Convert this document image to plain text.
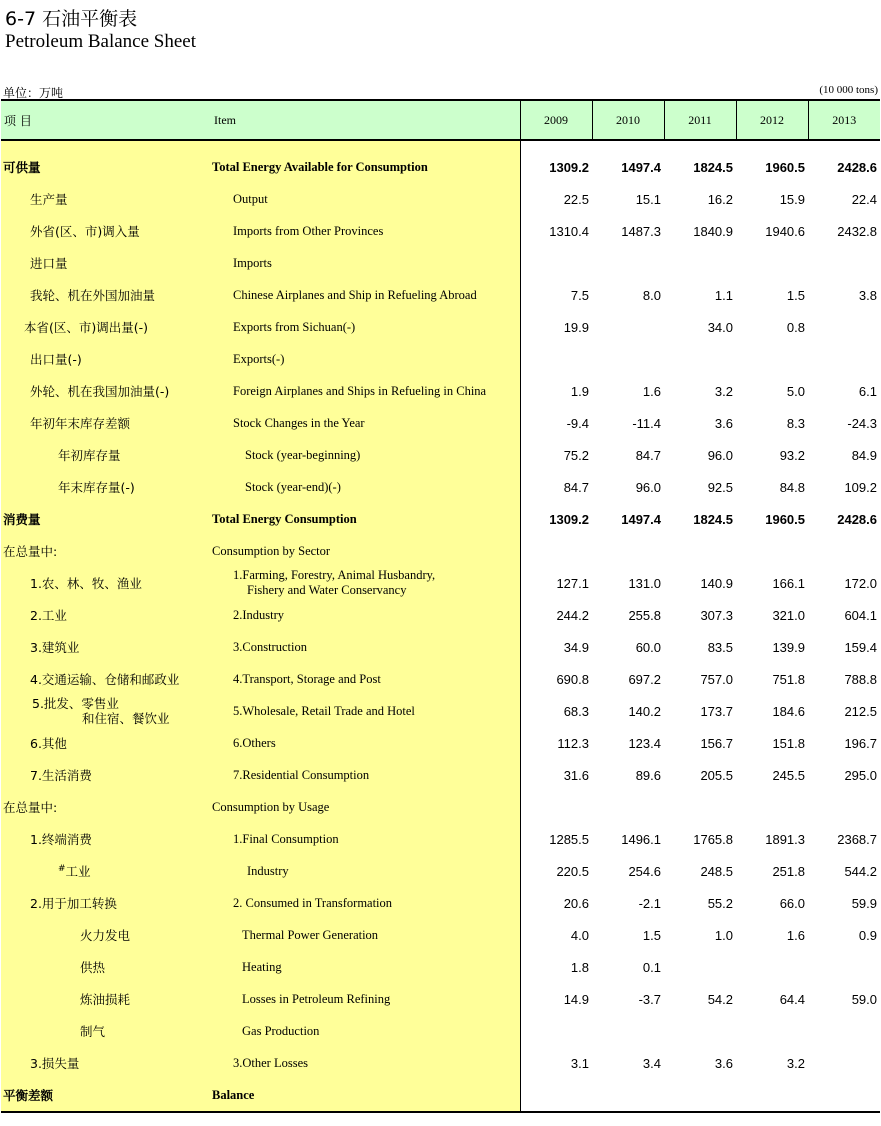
6-7 石油平衡表
Petroleum Balance Sheet
单位：万吨	(10 000 tons)
项 目	Item	2009	2010	2011	2012	2013

可供量	Total Energy Available for Consumption	1309.2	1497.4	1824.5	1960.5	2428.6
生产量	Output	22.5	15.1	16.2	15.9	22.4
外省(区、市)调入量	Imports from Other Provinces	1310.4	1487.3	1840.9	1940.6	2432.8
进口量	Imports					
我轮、机在外国加油量	Chinese Airplanes and Ship in Refueling Abroad	7.5	8.0	1.1	1.5	3.8
本省(区、市)调出量(-)	Exports from Sichuan(-)	19.9		34.0	0.8	
出口量(-)	Exports(-)					
外轮、机在我国加油量(-)	Foreign Airplanes and Ships in Refueling in China	1.9	1.6	3.2	5.0	6.1
年初年末库存差额	Stock Changes in the Year	-9.4	-11.4	3.6	8.3	-24.3
年初库存量	Stock (year-beginning)	75.2	84.7	96.0	93.2	84.9
年末库存量(-)	Stock (year-end)(-)	84.7	96.0	92.5	84.8	109.2
消费量	Total Energy Consumption	1309.2	1497.4	1824.5	1960.5	2428.6
在总量中:	Consumption by Sector					
1.农、林、牧、渔业	1.Farming, Forestry, Animal Husbandry,
Fishery and Water Conservancy	127.1	131.0	140.9	166.1	172.0
2.工业	2.Industry	244.2	255.8	307.3	321.0	604.1
3.建筑业	3.Construction	34.9	60.0	83.5	139.9	159.4
4.交通运输、仓储和邮政业	4.Transport, Storage and Post	690.8	697.2	757.0	751.8	788.8

5.批发、零售业
和住宿、餐饮业	5.Wholesale, Retail Trade and Hotel	68.3	140.2	173.7	184.6	212.5
6.其他	6.Others	112.3	123.4	156.7	151.8	196.7
7.生活消费	7.Residential Consumption	31.6	89.6	205.5	245.5	295.0
在总量中:	Consumption by Usage					
1.终端消费	1.Final Consumption	1285.5	1496.1	1765.8	1891.3	2368.7
#工业	Industry	220.5	254.6	248.5	251.8	544.2
2.用于加工转换	2. Consumed in Transformation	20.6	-2.1	55.2	66.0	59.9
火力发电	Thermal Power Generation	4.0	1.5	1.0	1.6	0.9
供热	Heating	1.8	0.1			
炼油损耗	Losses in Petroleum Refining	14.9	-3.7	54.2	64.4	59.0
制气	Gas Production					
3.损失量	3.Other Losses	3.1	3.4	3.6	3.2	
平衡差额	Balance					
